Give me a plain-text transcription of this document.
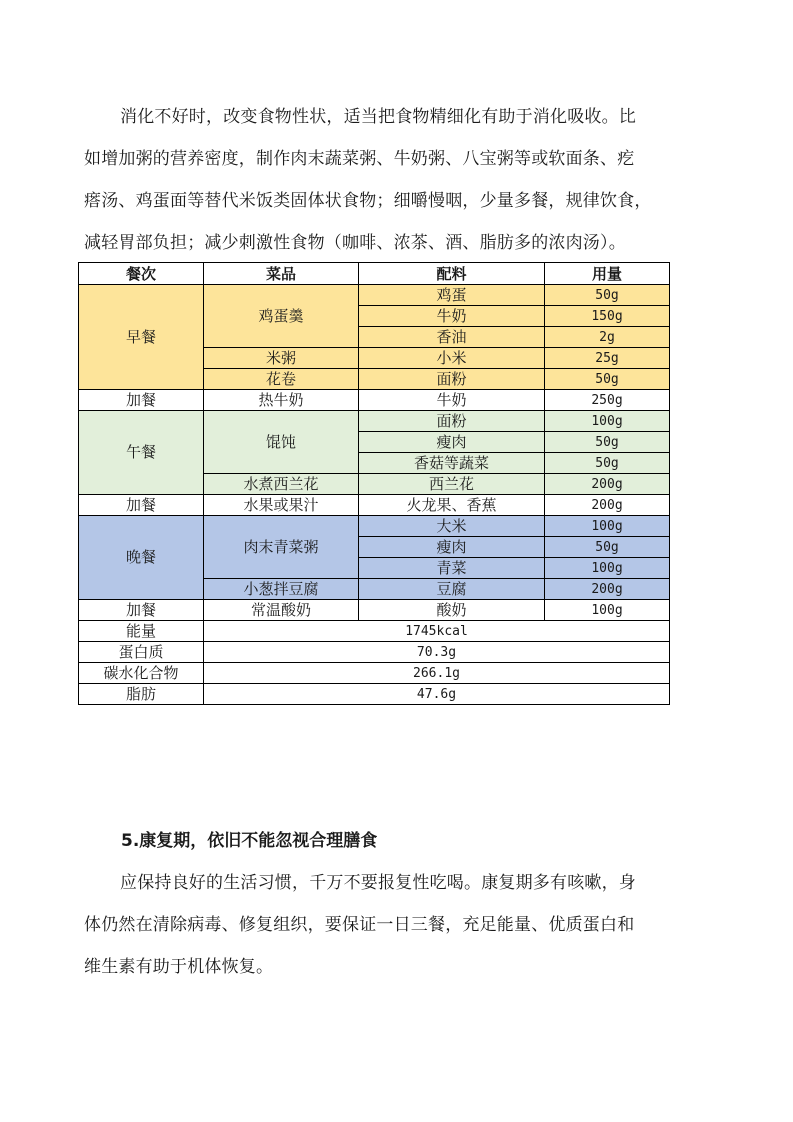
消化不好时，改变食物性状，适当把食物精细化有助于消化吸收。比
如增加粥的营养密度，制作肉末蔬菜粥、牛奶粥、八宝粥等或软面条、疙
瘩汤、鸡蛋面等替代米饭类固体状食物；细嚼慢咽，少量多餐，规律饮食，
减轻胃部负担；减少刺激性食物（咖啡、浓茶、酒、脂肪多的浓肉汤）。
餐次	菜品	配料	用量
早餐	鸡蛋羹	鸡蛋	50g
		牛奶	150g
		香油	2g
	米粥	小米	25g
	花卷	面粉	50g
加餐	热牛奶	牛奶	250g
午餐	馄饨	面粉	100g
		瘦肉	50g
		香菇等蔬菜	50g
	水煮西兰花	西兰花	200g
加餐	水果或果汁	火龙果、香蕉	200g
晚餐	肉末青菜粥	大米	100g
		瘦肉	50g
		青菜	100g
	小葱拌豆腐	豆腐	200g
加餐	常温酸奶	酸奶	100g
能量	1745kcal		
蛋白质	70.3g		
碳水化合物	266.1g		
脂肪	47.6g		
5.康复期，依旧不能忽视合理膳食
应保持良好的生活习惯，千万不要报复性吃喝。康复期多有咳嗽，身
体仍然在清除病毒、修复组织，要保证一日三餐，充足能量、优质蛋白和
维生素有助于机体恢复。
